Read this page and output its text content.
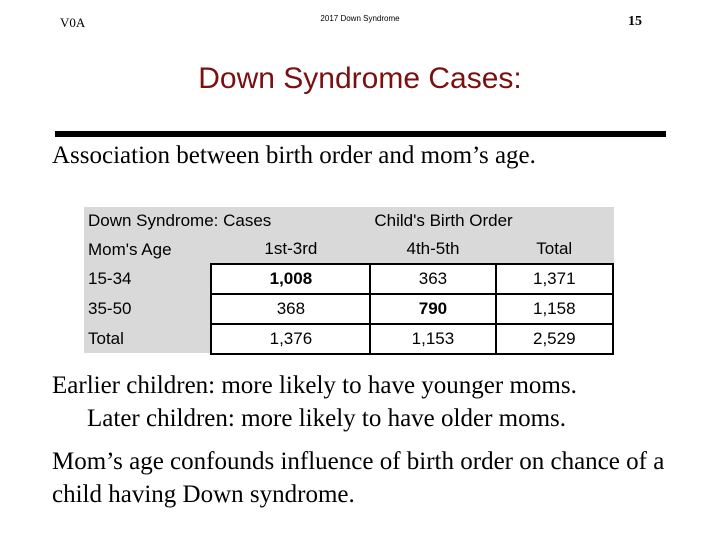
V0A	2017 Down Syndrome	15
Down Syndrome Cases:
Association between birth order and mom’s age.
Down Syndrome: Cases		Child's Birth Order	
Mom's Age	1st-3rd	4th-5th	Total
15-34	1,008	363	1,371
35-50	368	790	1,158
Total	1,376	1,153	2,529
Earlier children: more likely to have younger moms.
Later children: more likely to have older moms.
Mom’s age confounds influence of birth order on chance of a child having Down syndrome.
